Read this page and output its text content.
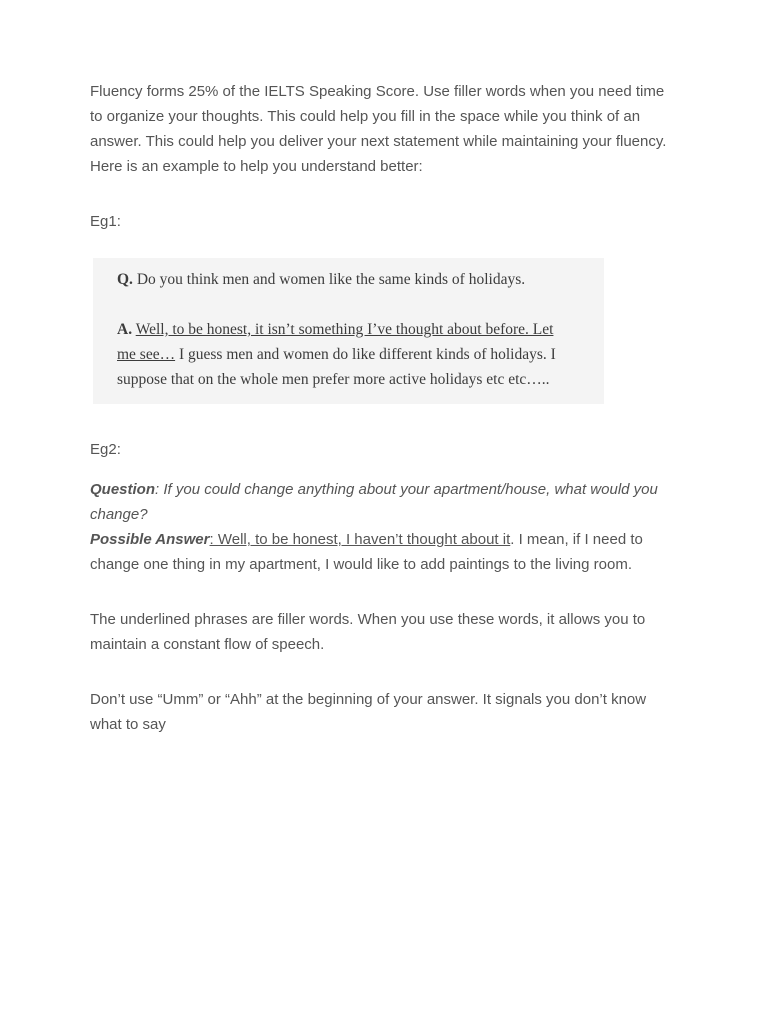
Fluency forms 25% of the IELTS Speaking Score. Use filler words when you need time
to organize your thoughts. This could help you fill in the space while you think of an
answer. This could help you deliver your next statement while maintaining your fluency.
Here is an example to help you understand better:
Eg1:
Q. Do you think men and women like the same kinds of holidays.
A. Well, to be honest, it isn’t something I’ve thought about before. Let
me see… I guess men and women do like different kinds of holidays. I
suppose that on the whole men prefer more active holidays etc etc…..
Eg2:
Question: If you could change anything about your apartment/house, what would you
change?
Possible Answer: Well, to be honest, I haven’t thought about it. I mean, if I need to
change one thing in my apartment, I would like to add paintings to the living room.
The underlined phrases are filler words. When you use these words, it allows you to
maintain a constant flow of speech.
Don’t use “Umm” or “Ahh” at the beginning of your answer. It signals you don’t know
what to say
